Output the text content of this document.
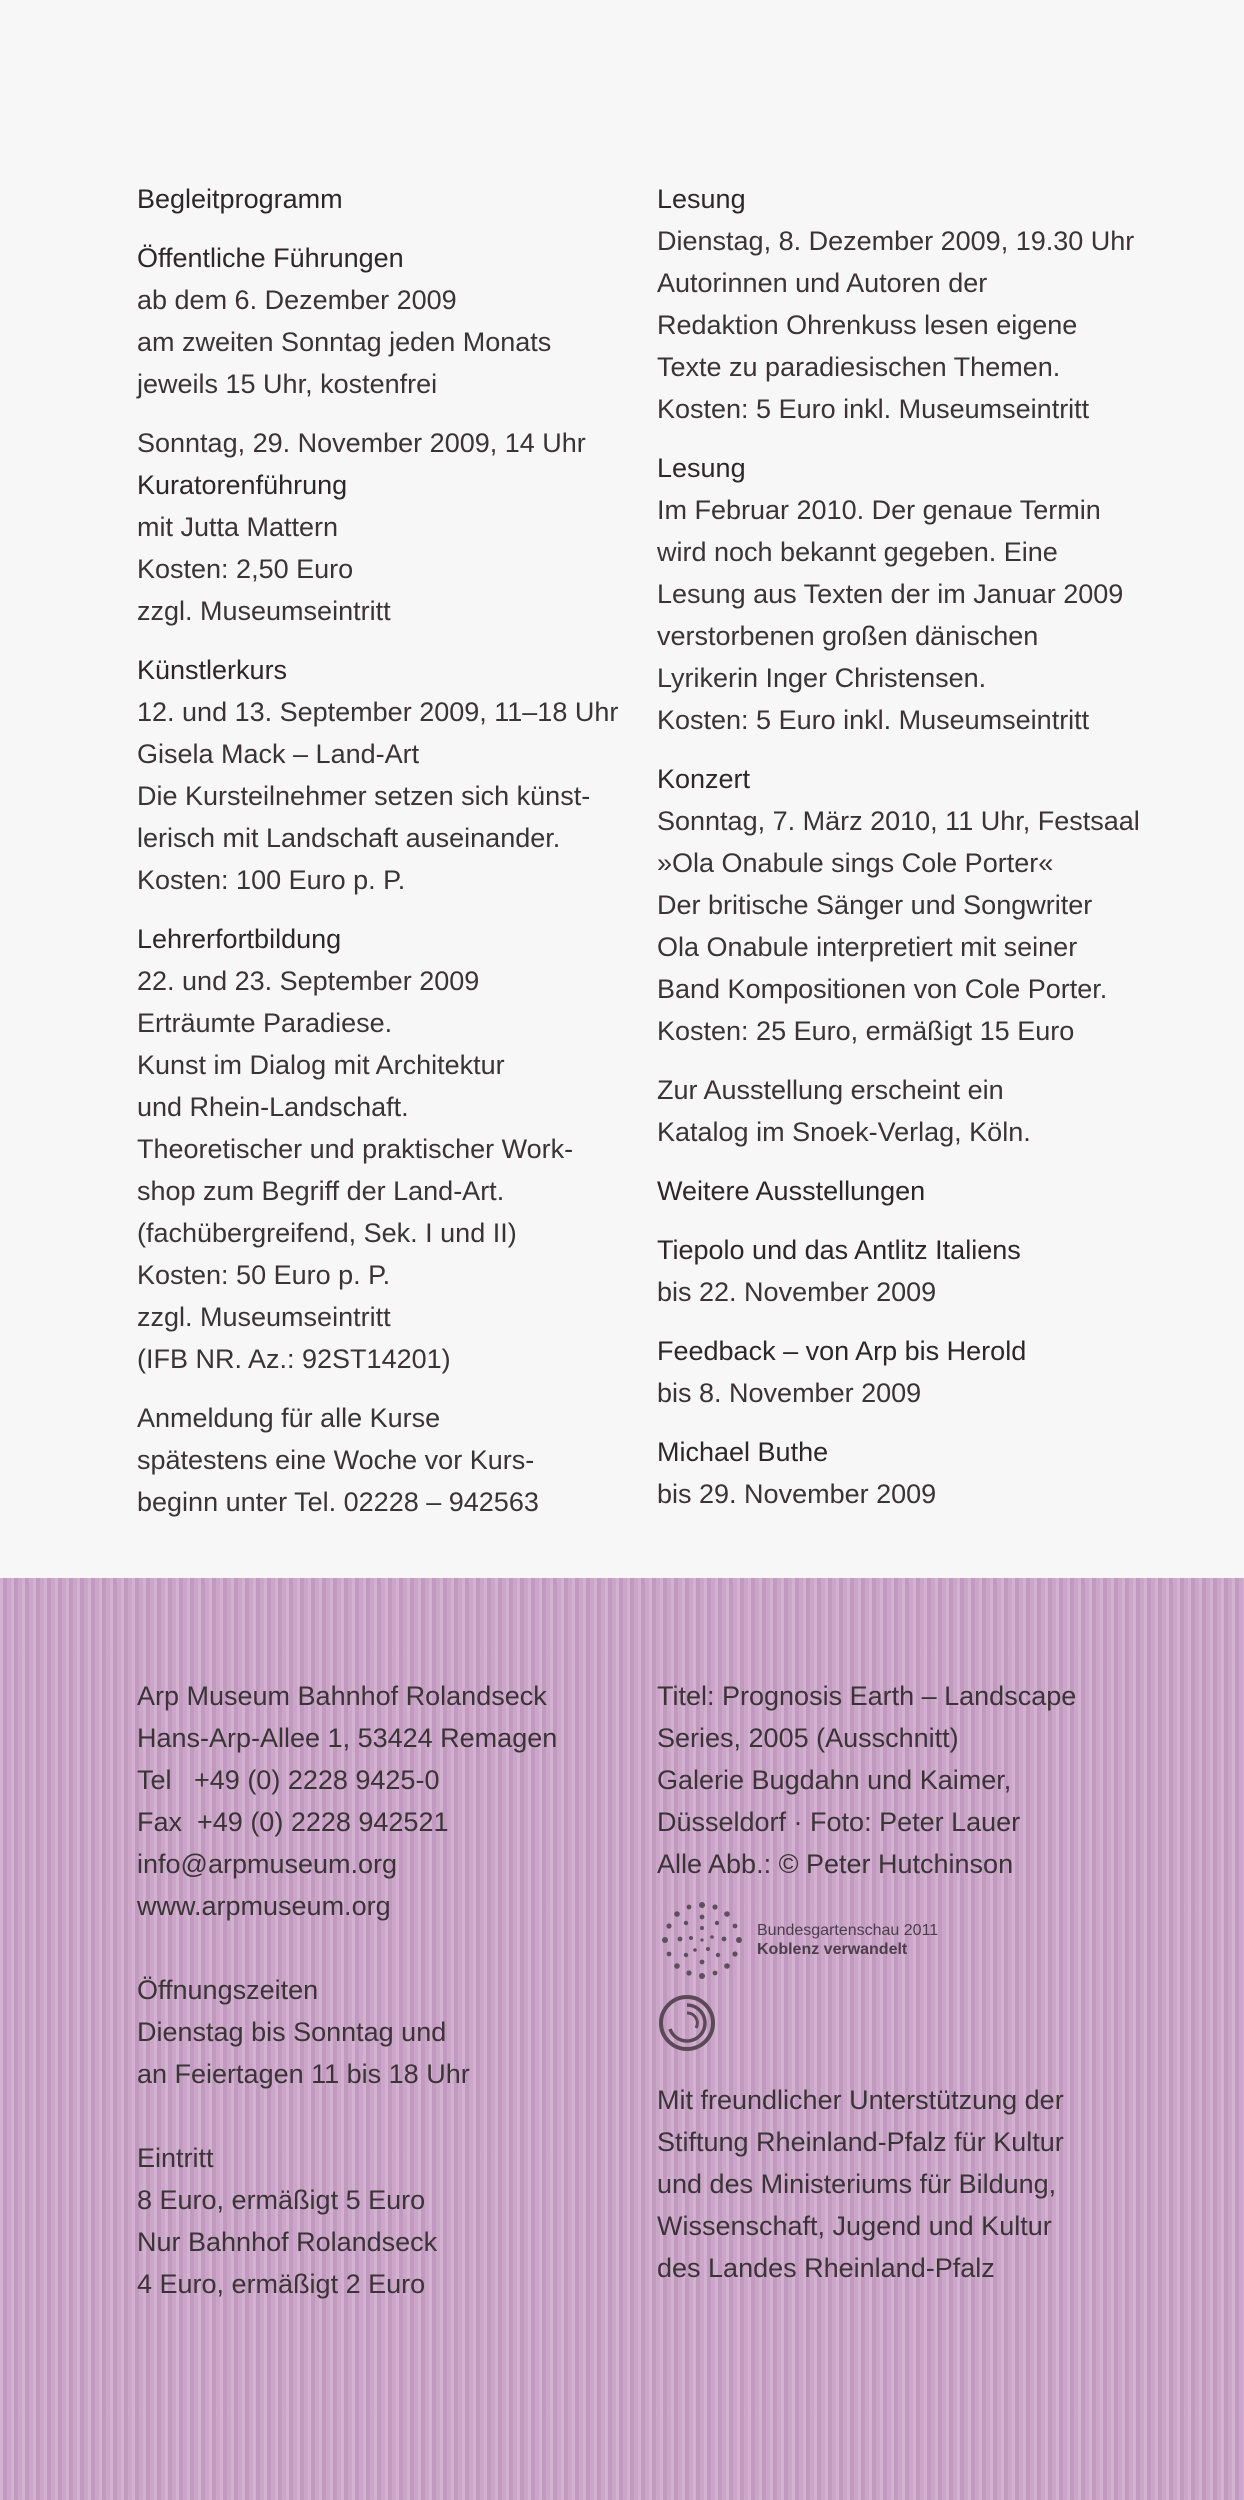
Begleitprogramm
Öffentliche Führungen
ab dem 6. Dezember 2009
am zweiten Sonntag jeden Monats
jeweils 15 Uhr, kostenfrei
Sonntag, 29. November 2009, 14 Uhr
Kuratorenführung
mit Jutta Mattern
Kosten: 2,50 Euro
zzgl. Museumseintritt
Künstlerkurs
12. und 13. September 2009, 11–18 Uhr
Gisela Mack – Land-Art
Die Kursteilnehmer setzen sich künst-
lerisch mit Landschaft auseinander.
Kosten: 100 Euro p. P.
Lehrerfortbildung
22. und 23. September 2009
Erträumte Paradiese.
Kunst im Dialog mit Architektur
und Rhein-Landschaft.
Theoretischer und praktischer Work-
shop zum Begriff der Land-Art.
(fachübergreifend, Sek. I und II)
Kosten: 50 Euro p. P.
zzgl. Museumseintritt
(IFB NR. Az.: 92ST14201)
Anmeldung für alle Kurse
spätestens eine Woche vor Kurs-
beginn unter Tel. 02228 – 942563
Lesung
Dienstag, 8. Dezember 2009, 19.30 Uhr
Autorinnen und Autoren der
Redaktion Ohrenkuss lesen eigene
Texte zu paradiesischen Themen.
Kosten: 5 Euro inkl. Museumseintritt
Lesung
Im Februar 2010. Der genaue Termin
wird noch bekannt gegeben. Eine
Lesung aus Texten der im Januar 2009
verstorbenen großen dänischen
Lyrikerin Inger Christensen.
Kosten: 5 Euro inkl. Museumseintritt
Konzert
Sonntag, 7. März 2010, 11 Uhr, Festsaal
»Ola Onabule sings Cole Porter«
Der britische Sänger und Songwriter
Ola Onabule interpretiert mit seiner
Band Kompositionen von Cole Porter.
Kosten: 25 Euro, ermäßigt 15 Euro
Zur Ausstellung erscheint ein
Katalog im Snoek-Verlag, Köln.
Weitere Ausstellungen
Tiepolo und das Antlitz Italiens
bis 22. November 2009
Feedback – von Arp bis Herold
bis 8. November 2009
Michael Buthe
bis 29. November 2009
Arp Museum Bahnhof Rolandseck
Hans-Arp-Allee 1, 53424 Remagen
Tel   +49 (0) 2228 9425-0
Fax  +49 (0) 2228 942521
info@arpmuseum.org
www.arpmuseum.org
Öffnungszeiten
Dienstag bis Sonntag und
an Feiertagen 11 bis 18 Uhr
Eintritt
8 Euro, ermäßigt 5 Euro
Nur Bahnhof Rolandseck
4 Euro, ermäßigt 2 Euro
Titel: Prognosis Earth – Landscape
Series, 2005 (Ausschnitt)
Galerie Bugdahn und Kaimer,
Düsseldorf · Foto: Peter Lauer
Alle Abb.: © Peter Hutchinson
Bundesgartenschau 2011
Koblenz verwandelt
Mit freundlicher Unterstützung der
Stiftung Rheinland-Pfalz für Kultur
und des Ministeriums für Bildung,
Wissenschaft, Jugend und Kultur
des Landes Rheinland-Pfalz
